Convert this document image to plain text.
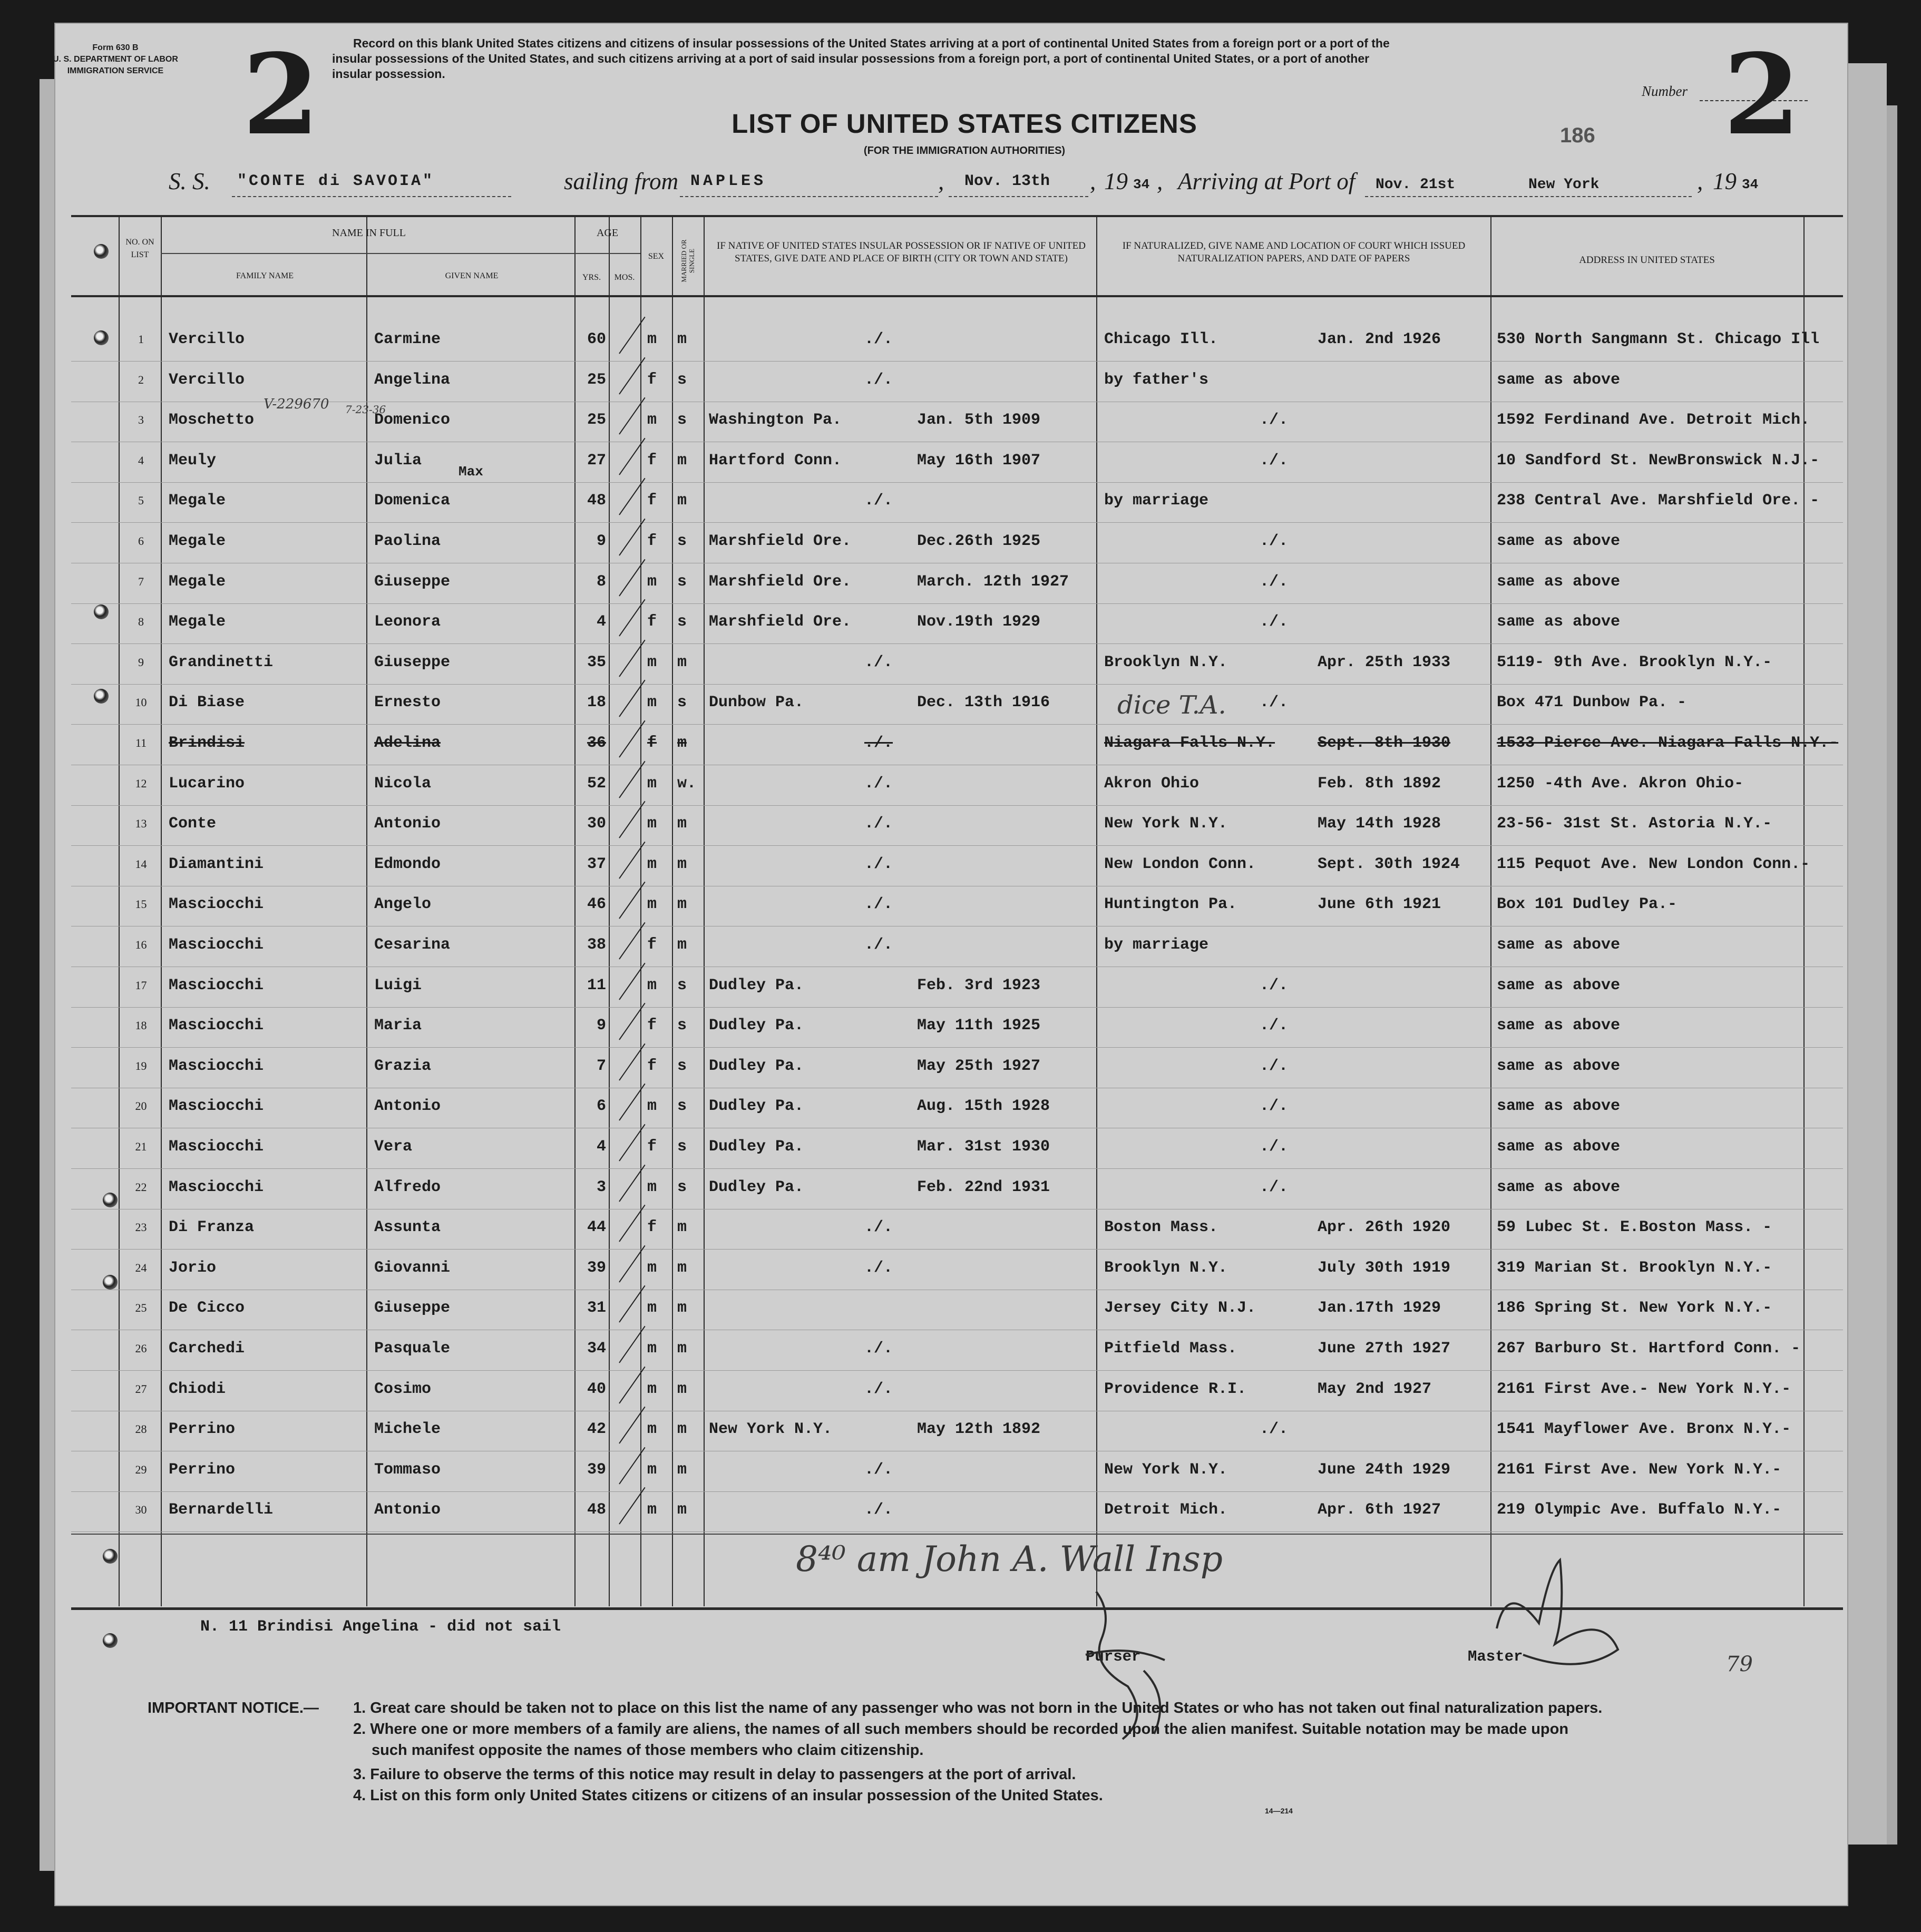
Form 630 B
U. S. DEPARTMENT OF LABOR
IMMIGRATION SERVICE 2	Record on this blank United States citizens and citizens of insular possessions of the United States arriving at a port of continental United States from a foreign port or a port of the insular possessions of the United States, and such citizens arriving at a port of said insular possessions from a foreign port, a port of continental United States, or a port of another insular possession.
Number 2
LIST OF UNITED STATES CITIZENS
(FOR THE IMMIGRATION AUTHORITIES)
186
S. S. "CONTE di SAVOIA"	sailing from NAPLES	, Nov. 13th , 19 34 , Arriving at Port of Nov. 21st	New York	, 19 34
NO. ON LIST
NAME IN FULL
FAMILY NAME	GIVEN NAME
AGE
YRS.	MOS.
SEX	MARRIED OR SINGLE
IF NATIVE OF UNITED STATES INSULAR POSSESSION OR IF NATIVE OF UNITED STATES, GIVE DATE AND PLACE OF BIRTH (CITY OR TOWN AND STATE)
IF NATURALIZED, GIVE NAME AND LOCATION OF COURT WHICH ISSUED NATURALIZATION PAPERS, AND DATE OF PAPERS	ADDRESS IN UNITED STATES
1	Vercillo	Carmine	60	m m	./.	Chicago Ill.	Jan. 2nd 1926	530 North Sangmann St. Chicago Ill
2	Vercillo	Angelina	25	f s	./.	by father's	same as above
3	Moschetto	Domenico	25	m s Washington Pa.	Jan. 5th 1909	./.	1592 Ferdinand Ave. Detroit Mich.
4	Meuly	Julia	27	f m Hartford Conn.	May 16th 1907	./.	10 Sandford St. NewBronswick N.J.-
5	Megale	Domenica	48	f m	./.	by marriage	238 Central Ave. Marshfield Ore. -
6	Megale	Paolina	9	f s Marshfield Ore.	Dec.26th 1925	./.	same as above
7	Megale	Giuseppe	8	m s Marshfield Ore.	March. 12th 1927	./.	same as above
8	Megale	Leonora	4	f s Marshfield Ore.	Nov.19th 1929	./.	same as above
9	Grandinetti	Giuseppe	35	m m	./.	Brooklyn N.Y.	Apr. 25th 1933	5119- 9th Ave. Brooklyn N.Y.-
10	Di Biase	Ernesto	18	m s Dunbow Pa.	Dec. 13th 1916	./.	Box 471 Dunbow Pa. -
11	Brindisi	Adelina	36	f m	./.	Niagara Falls N.Y.	Sept. 8th 1930	1533 Pierce Ave. Niagara Falls N.Y.-
12	Lucarino	Nicola	52	m w.	./.	Akron Ohio	Feb. 8th 1892	1250 -4th Ave. Akron Ohio-
13	Conte	Antonio	30	m m	./.	New York N.Y.	May 14th 1928	23-56- 31st St. Astoria N.Y.-
14	Diamantini	Edmondo	37	m m	./.	New London Conn.	Sept. 30th 1924 115 Pequot Ave. New London Conn.-
15	Masciocchi	Angelo	46	m m	./.	Huntington Pa.	June 6th 1921	Box 101 Dudley Pa.-
16	Masciocchi	Cesarina	38	f m	./.	by marriage	same as above
17	Masciocchi	Luigi	11	m s Dudley Pa.	Feb. 3rd 1923	./.	same as above
18	Masciocchi	Maria	9	f s Dudley Pa.	May 11th 1925	./.	same as above
19	Masciocchi	Grazia	7	f s Dudley Pa.	May 25th 1927	./.	same as above
20	Masciocchi	Antonio	6	m s Dudley Pa.	Aug. 15th 1928	./.	same as above
21	Masciocchi	Vera	4	f s Dudley Pa.	Mar. 31st 1930	./.	same as above
22	Masciocchi	Alfredo	3	m s Dudley Pa.	Feb. 22nd 1931	./.	same as above
23	Di Franza	Assunta	44	f m	./.	Boston Mass.	Apr. 26th 1920	59 Lubec St. E.Boston Mass. -
24	Jorio	Giovanni	39	m m	./.	Brooklyn N.Y.	July 30th 1919	319 Marian St. Brooklyn N.Y.-
25	De Cicco	Giuseppe	31	m m	Jersey City N.J.	Jan.17th 1929	186 Spring St. New York N.Y.-
26	Carchedi	Pasquale	34	m m	./.	Pitfield Mass.	June 27th 1927	267 Barburo St. Hartford Conn. -
27	Chiodi	Cosimo	40	m m	./.	Providence R.I.	May 2nd 1927	2161 First Ave.- New York N.Y.-
28	Perrino	Michele	42	m m New York N.Y.	May 12th 1892	./.	1541 Mayflower Ave. Bronx N.Y.-
29	Perrino	Tommaso	39	m m	./.	New York N.Y.	June 24th 1929	2161 First Ave. New York N.Y.-
30	Bernardelli	Antonio	48	m m	./.	Detroit Mich.	Apr. 6th 1927	219 Olympic Ave. Buffalo N.Y.-
V-229670 7-23-36
Max
dice T.A.
8⁴⁰ am John A. Wall Insp
N. 11 Brindisi Angelina - did not sail
Purser	Master	79
IMPORTANT NOTICE.— 1. Great care should be taken not to place on this list the name of any passenger who was not born in the United States or who has not taken out final naturalization papers.
2. Where one or more members of a family are aliens, the names of all such members should be recorded upon the alien manifest. Suitable notation may be made upon
such manifest opposite the names of those members who claim citizenship.
3. Failure to observe the terms of this notice may result in delay to passengers at the port of arrival.
4. List on this form only United States citizens or citizens of an insular possession of the United States.
14—214
